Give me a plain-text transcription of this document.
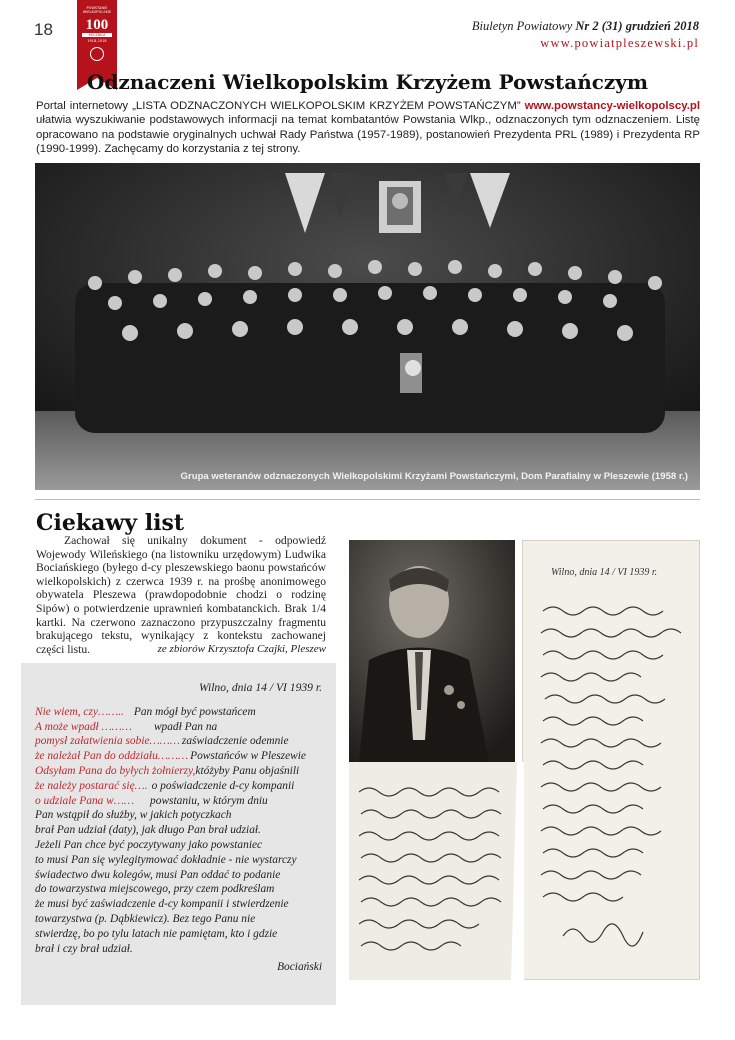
18
POWSTANIE
WIELKOPOLSKIE
100
ROCZNICA
1918-2018
Biuletyn Powiatowy Nr 2 (31) grudzień 2018
www.powiatpleszewski.pl
Odznaczeni Wielkopolskim Krzyżem Powstańczym

Portal internetowy „LISTA ODZNACZONYCH WIELKOPOLSKIM KRZYŻEM POWSTAŃCZYM” www.powstancy-wielkopolscy.pl ułatwia wyszukiwanie podstawowych informacji na temat kombatantów Powstania Wlkp., odznaczonych tym odznaczeniem. Listę opracowano na podstawie oryginalnych uchwał Rady Państwa (1957-1989), postanowień Prezydenta PRL (1989) i Prezydenta RP (1990-1999). Zachęcamy do korzystania z tej strony.

Grupa weteranów odznaczonych Wielkopolskimi Krzyżami Powstańczymi, Dom Parafialny w Pleszewie (1958 r.)
Ciekawy list

Zachował się unikalny dokument - odpowiedź Wojewody Wileńskiego (na listowniku urzędowym) Ludwika Bociańskiego (byłego d-cy pleszewskiego baonu powstańców wielkopolskich) z czerwca 1939 r. na prośbę anonimowego obywatela Pleszewa (prawdopodobnie chodzi o rodzinę Sipów) o potwierdzenie uprawnień kombatanckich. Brak 1/4 kartki. Na czerwono zaznaczono przypuszczalny fragmentu brakującego tekstu, wynikający z kontekstu zachowanej części listu.	ze zbiorów Krzysztofa Czajki, Pleszew
Wilno, dnia 14 / VI 1939 r.
Nie wiem, czy…….. Pan mógł być powstańcem
A może wpadł ……… wpadł Pan na
pomysł załatwienia sobie……… zaświadczenie odemnie
że należał Pan do oddziału……… Powstańców w Pleszewie
Odsyłam Pana do byłych żołnierzy, któżyby Panu objaśnili
że należy postarać się…. o poświadczenie d-cy kompanii
o udziale Pana w…… powstaniu, w którym dniu
Pan wstąpił do służby, w jakich potyczkach
brał Pan udział (daty), jak długo Pan brał udział.
Jeżeli Pan chce być poczytywany jako powstaniec
to musi Pan się wylegitymować dokładnie - nie wystarczy
świadectwo dwu kolegów, musi Pan oddać to podanie
do towarzystwa miejscowego, przy czem podkreślam
że musi być zaświadczenie d-cy kompanii i stwierdzenie
towarzystwa (p. Dąbkiewicz). Bez tego Panu nie
stwierdzę, bo po tylu latach nie pamiętam, kto i gdzie
brał i czy brał udział.
Bociański
Wilno, dnia 14 / VI 1939 r.
